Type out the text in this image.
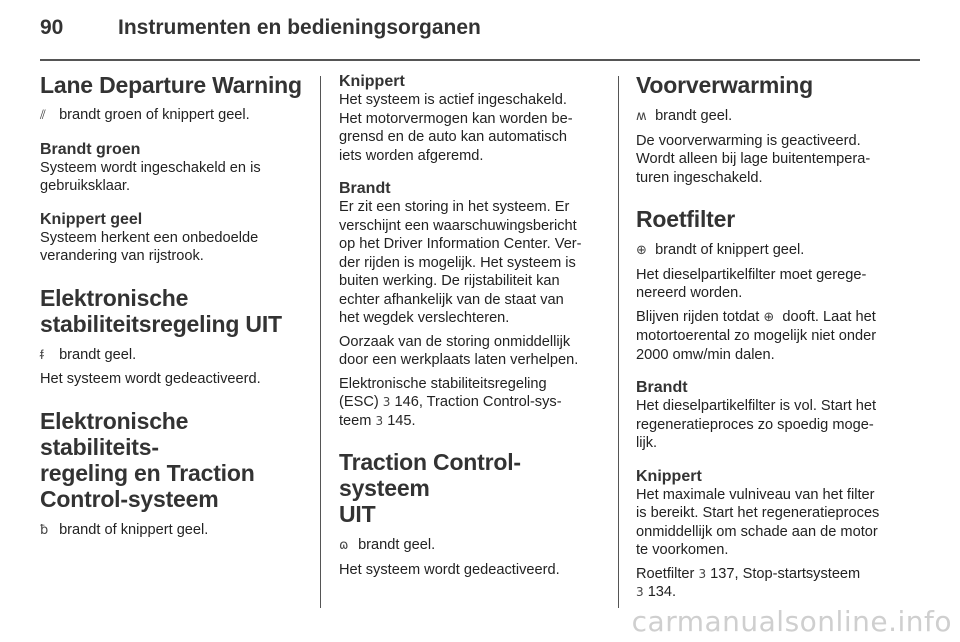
90	Instrumenten en bedieningsorganen
Lane Departure Warning
⫽ brandt groen of knippert geel.
Brandt groen
Systeem wordt ingeschakeld en is
gebruiksklaar.
Knippert geel
Systeem herkent een onbedoelde
verandering van rijstrook.
Elektronische
stabiliteitsregeling UIT
ᵮ brandt geel.
Het systeem wordt gedeactiveerd.
Elektronische stabiliteits-
regeling en Traction
Control-systeem
ƀ brandt of knippert geel.
Knippert
Het systeem is actief ingeschakeld.
Het motorvermogen kan worden be-
grensd en de auto kan automatisch
iets worden afgeremd.
Brandt
Er zit een storing in het systeem. Er
verschijnt een waarschuwingsbericht
op het Driver Information Center. Ver-
der rijden is mogelijk. Het systeem is
buiten werking. De rijstabiliteit kan
echter afhankelijk van de staat van
het wegdek verslechteren.
Oorzaak van de storing onmiddellijk
door een werkplaats laten verhelpen.
Elektronische stabiliteitsregeling
(ESC) 3 146, Traction Control-sys-
teem 3 145.
Traction Control-systeem
UIT
ɷ brandt geel.
Het systeem wordt gedeactiveerd.
Voorverwarming
ʍ brandt geel.
De voorverwarming is geactiveerd.
Wordt alleen bij lage buitentempera-
turen ingeschakeld.
Roetfilter
⊕ brandt of knippert geel.
Het dieselpartikelfilter moet gerege-
nereerd worden.
Blijven rijden totdat ⊕ dooft. Laat het
motortoerental zo mogelijk niet onder
2000 omw/min dalen.
Brandt
Het dieselpartikelfilter is vol. Start het
regeneratieproces zo spoedig moge-
lijk.
Knippert
Het maximale vulniveau van het filter
is bereikt. Start het regeneratieproces
onmiddellijk om schade aan de motor
te voorkomen.
Roetfilter 3 137, Stop-startsysteem
3 134.
carmanualsonline.info
